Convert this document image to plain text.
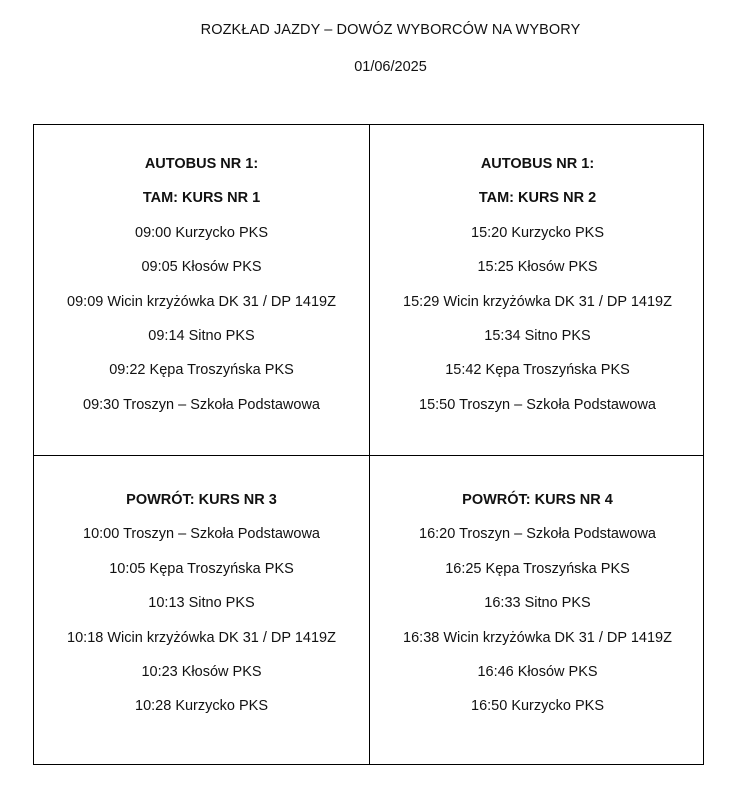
ROZKŁAD JAZDY – DOWÓZ WYBORCÓW NA WYBORY
01/06/2025
AUTOBUS NR 1:
TAM: KURS NR 1
09:00 Kurzycko PKS
09:05 Kłosów PKS
09:09 Wicin krzyżówka DK 31 / DP 1419Z
09:14 Sitno PKS
09:22 Kępa Troszyńska PKS
09:30 Troszyn – Szkoła Podstawowa
AUTOBUS NR 1:
TAM: KURS NR 2
15:20 Kurzycko PKS
15:25 Kłosów PKS
15:29 Wicin krzyżówka DK 31 / DP 1419Z
15:34 Sitno PKS
15:42 Kępa Troszyńska PKS
15:50 Troszyn – Szkoła Podstawowa
POWRÓT: KURS NR 3
10:00 Troszyn – Szkoła Podstawowa
10:05 Kępa Troszyńska PKS
10:13 Sitno PKS
10:18 Wicin krzyżówka DK 31 / DP 1419Z
10:23 Kłosów PKS
10:28 Kurzycko PKS
POWRÓT: KURS NR 4
16:20 Troszyn – Szkoła Podstawowa
16:25 Kępa Troszyńska PKS
16:33 Sitno PKS
16:38 Wicin krzyżówka DK 31 / DP 1419Z
16:46 Kłosów PKS
16:50 Kurzycko PKS
